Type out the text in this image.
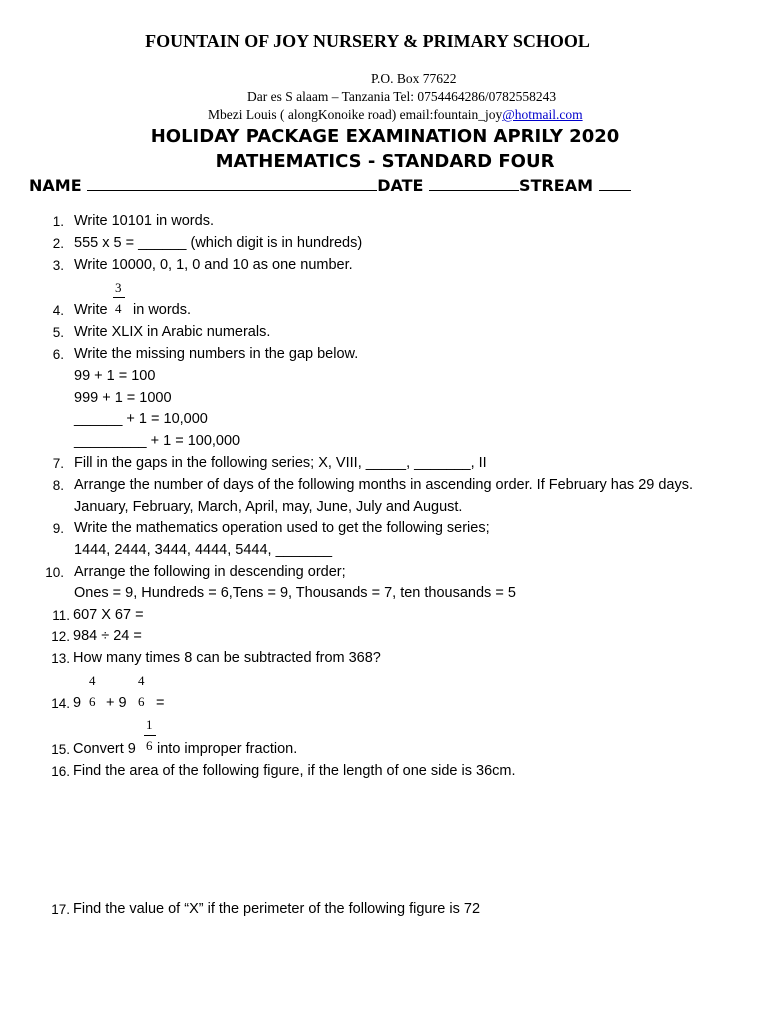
FOUNTAIN OF JOY NURSERY & PRIMARY SCHOOL
P.O. Box 77622
Dar es S alaam – Tanzania Tel: 0754464286/0782558243
Mbezi Louis ( alongKonoike road) email:fountain_joy@hotmail.com
HOLIDAY PACKAGE EXAMINATION APRILY 2020
MATHEMATICS - STANDARD FOUR
NAME	DATE	STREAM
1. Write 10101 in words.
2. 555 x 5 = ______ (which digit is in hundreds)
3. Write 10000, 0, 1, 0 and 10 as one number.
4. Write
3
4 in words.
5. Write XLIX in Arabic numerals.
6. Write the missing numbers in the gap below.
99 + 1 = 100
999 + 1 = 1000
______ + 1 = 10,000
_________ + 1 = 100,000
7. Fill in the gaps in the following series; X, VIII, _____, _______, II
8. Arrange the number of days of the following months in ascending order. If February has 29 days.
January, February, March, April, may, June, July and August.
9. Write the mathematics operation used to get the following series;
1444, 2444, 3444, 4444, 5444, _______
10. Arrange the following in descending order;
Ones = 9, Hundreds = 6,Tens = 9, Thousands = 7, ten thousands = 5
11. 607 X 67 =
12. 984 ÷ 24 =
13. How many times 8 can be subtracted from 368?
14. 9
4
6 + 9
4
6 =
15. Convert 9
1
6 into improper fraction.
16. Find the area of the following figure, if the length of one side is 36cm.
17. Find the value of “X” if the perimeter of the following figure is 72
